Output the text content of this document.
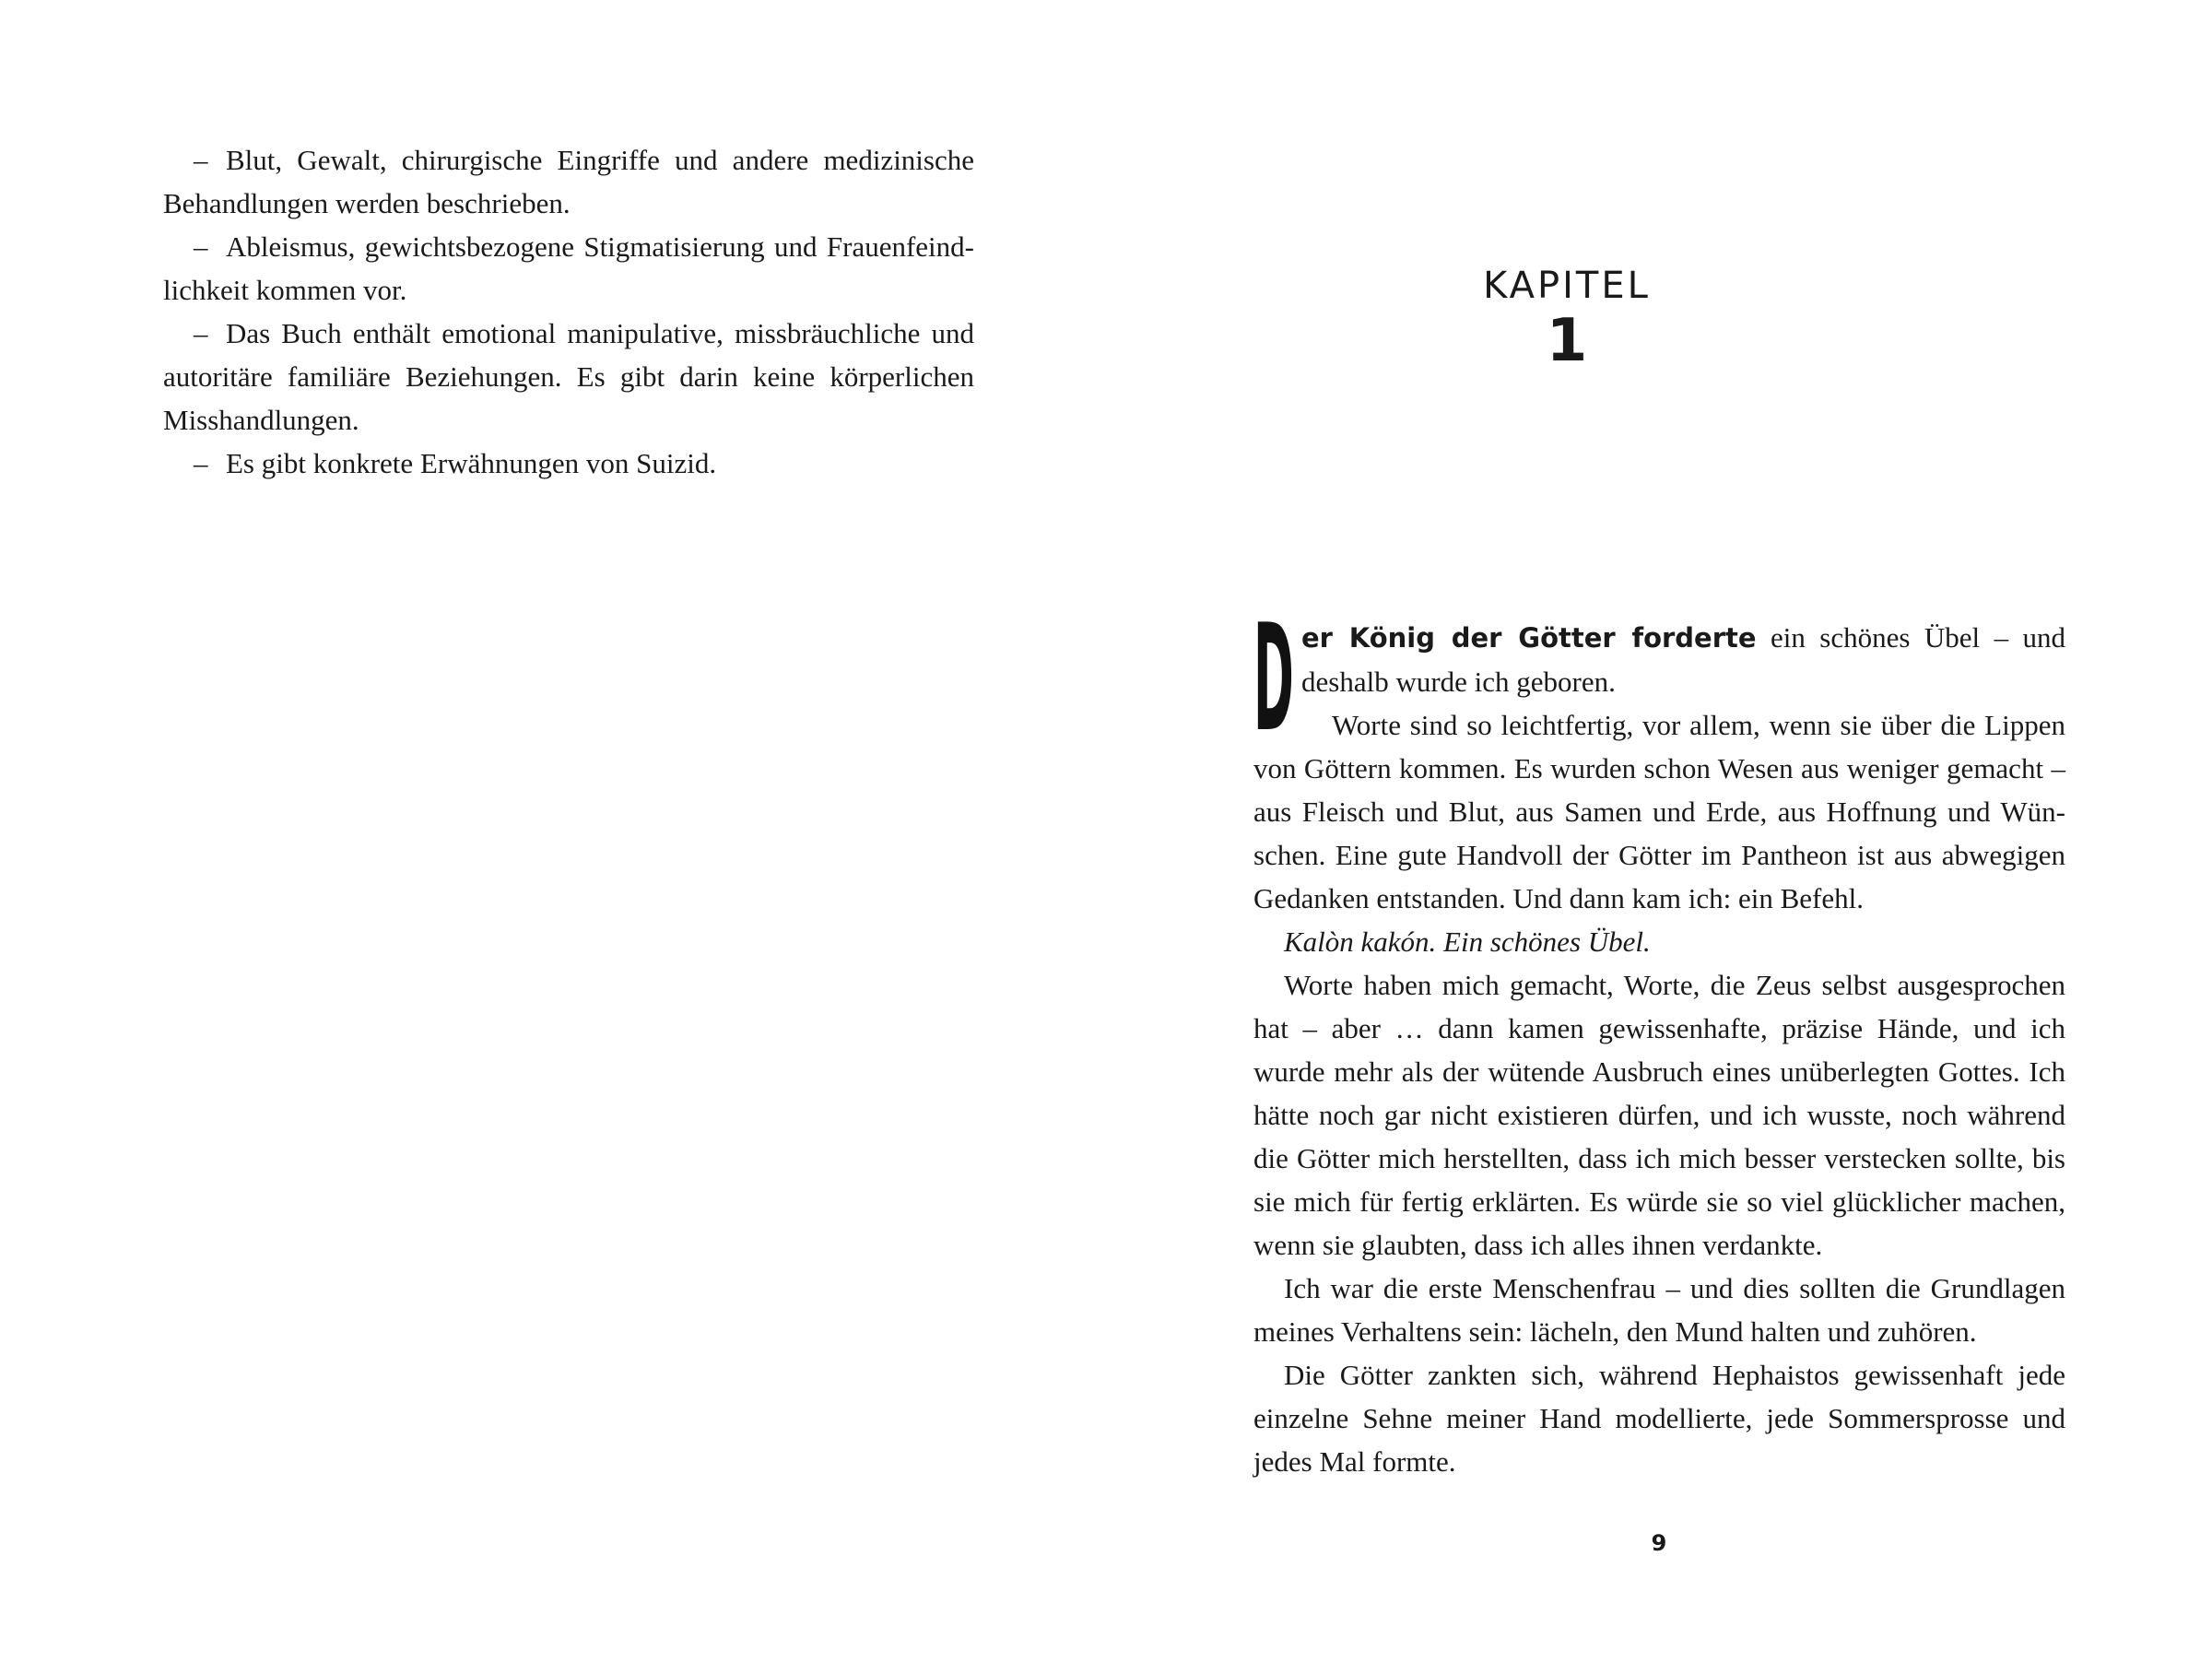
– Blut, Gewalt, chirurgische Eingriffe und andere medizinische Behandlungen werden beschrieben.

– Ableismus, gewichtsbezogene Stigmatisierung und Frauenfeindlichkeit kommen vor.

– Das Buch enthält emotional manipulative, missbräuchliche und autoritäre familiäre Beziehungen. Es gibt darin keine körperlichen Misshandlungen.

– Es gibt konkrete Erwähnungen von Suizid.

KAPITEL
1

D er König der Götter forderte ein schönes Übel – und deshalb wurde ich geboren.

Worte sind so leichtfertig, vor allem, wenn sie über die Lippen von Göttern kommen. Es wurden schon Wesen aus weniger gemacht – aus Fleisch und Blut, aus Samen und Erde, aus Hoffnung und Wünschen. Eine gute Handvoll der Götter im Pantheon ist aus abwegigen Gedanken entstanden. Und dann kam ich: ein Befehl.

Kalòn kakón. Ein schönes Übel.

Worte haben mich gemacht, Worte, die Zeus selbst ausgesprochen hat – aber … dann kamen gewissenhafte, präzise Hände, und ich wurde mehr als der wütende Ausbruch eines unüberlegten Gottes. Ich hätte noch gar nicht existieren dürfen, und ich wusste, noch während die Götter mich herstellten, dass ich mich besser verstecken sollte, bis sie mich für fertig erklärten. Es würde sie so viel glücklicher machen, wenn sie glaubten, dass ich alles ihnen verdankte.

Ich war die erste Menschenfrau – und dies sollten die Grundlagen meines Verhaltens sein: lächeln, den Mund halten und zuhören.

Die Götter zankten sich, während Hephaistos gewissenhaft jede einzelne Sehne meiner Hand modellierte, jede Sommersprosse und jedes Mal formte.

9
